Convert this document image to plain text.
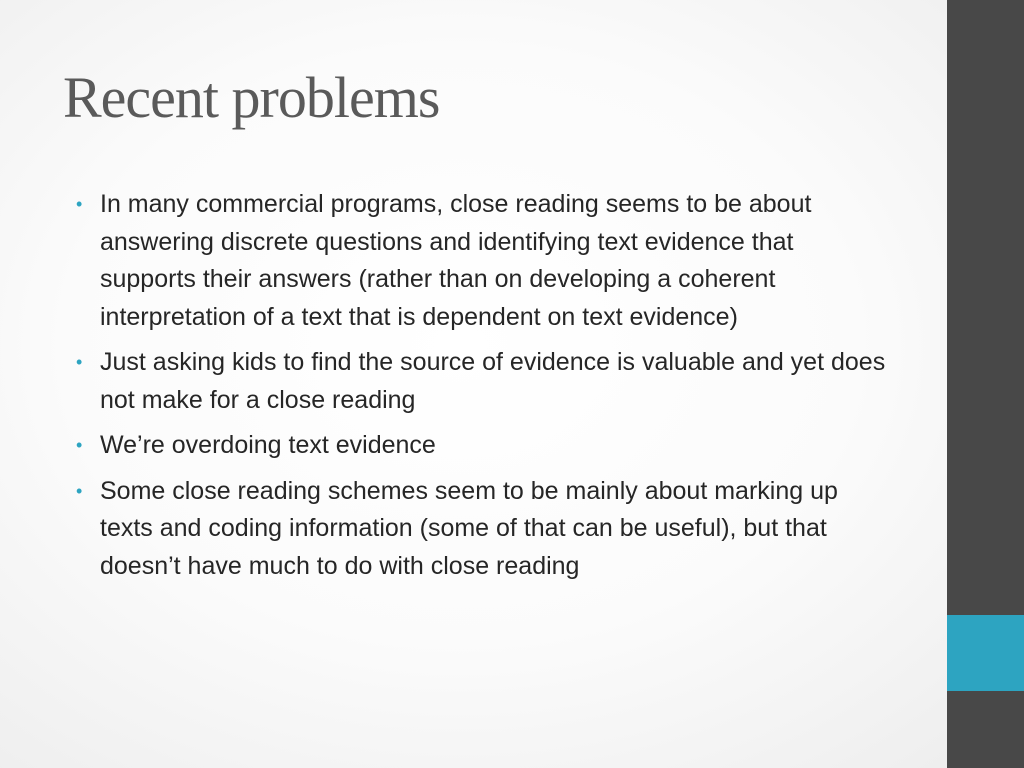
Recent problems
• In many commercial programs, close reading seems to be about answering discrete questions and identifying text evidence that supports their answers (rather than on developing a coherent interpretation of a text that is dependent on text evidence)
• Just asking kids to find the source of evidence is valuable and yet does not make for a close reading
• We’re overdoing text evidence
• Some close reading schemes seem to be mainly about marking up texts and coding information (some of that can be useful), but that doesn’t have much to do with close reading
